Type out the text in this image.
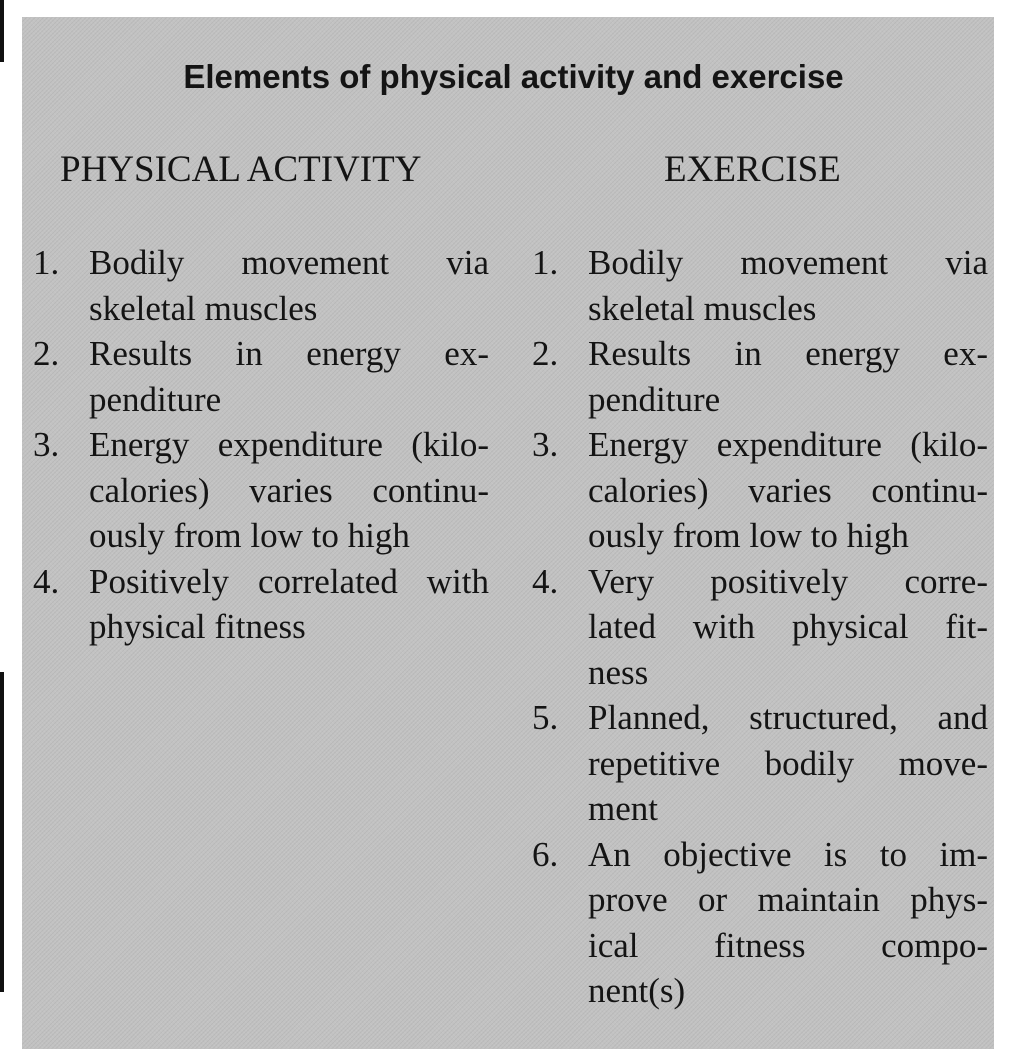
Elements of physical activity and exercise
PHYSICAL ACTIVITY	EXERCISE
1. Bodily movement via
skeletal muscles
2. Results in energy ex-
penditure
3. Energy expenditure (kilo-
calories) varies continu-
ously from low to high
4. Positively correlated with
physical fitness
1. Bodily movement via
skeletal muscles
2. Results in energy ex-
penditure
3. Energy expenditure (kilo-
calories) varies continu-
ously from low to high
4. Very positively corre-
lated with physical fit-
ness
5. Planned, structured, and
repetitive bodily move-
ment
6. An objective is to im-
prove or maintain phys-
ical fitness compo-
nent(s)
